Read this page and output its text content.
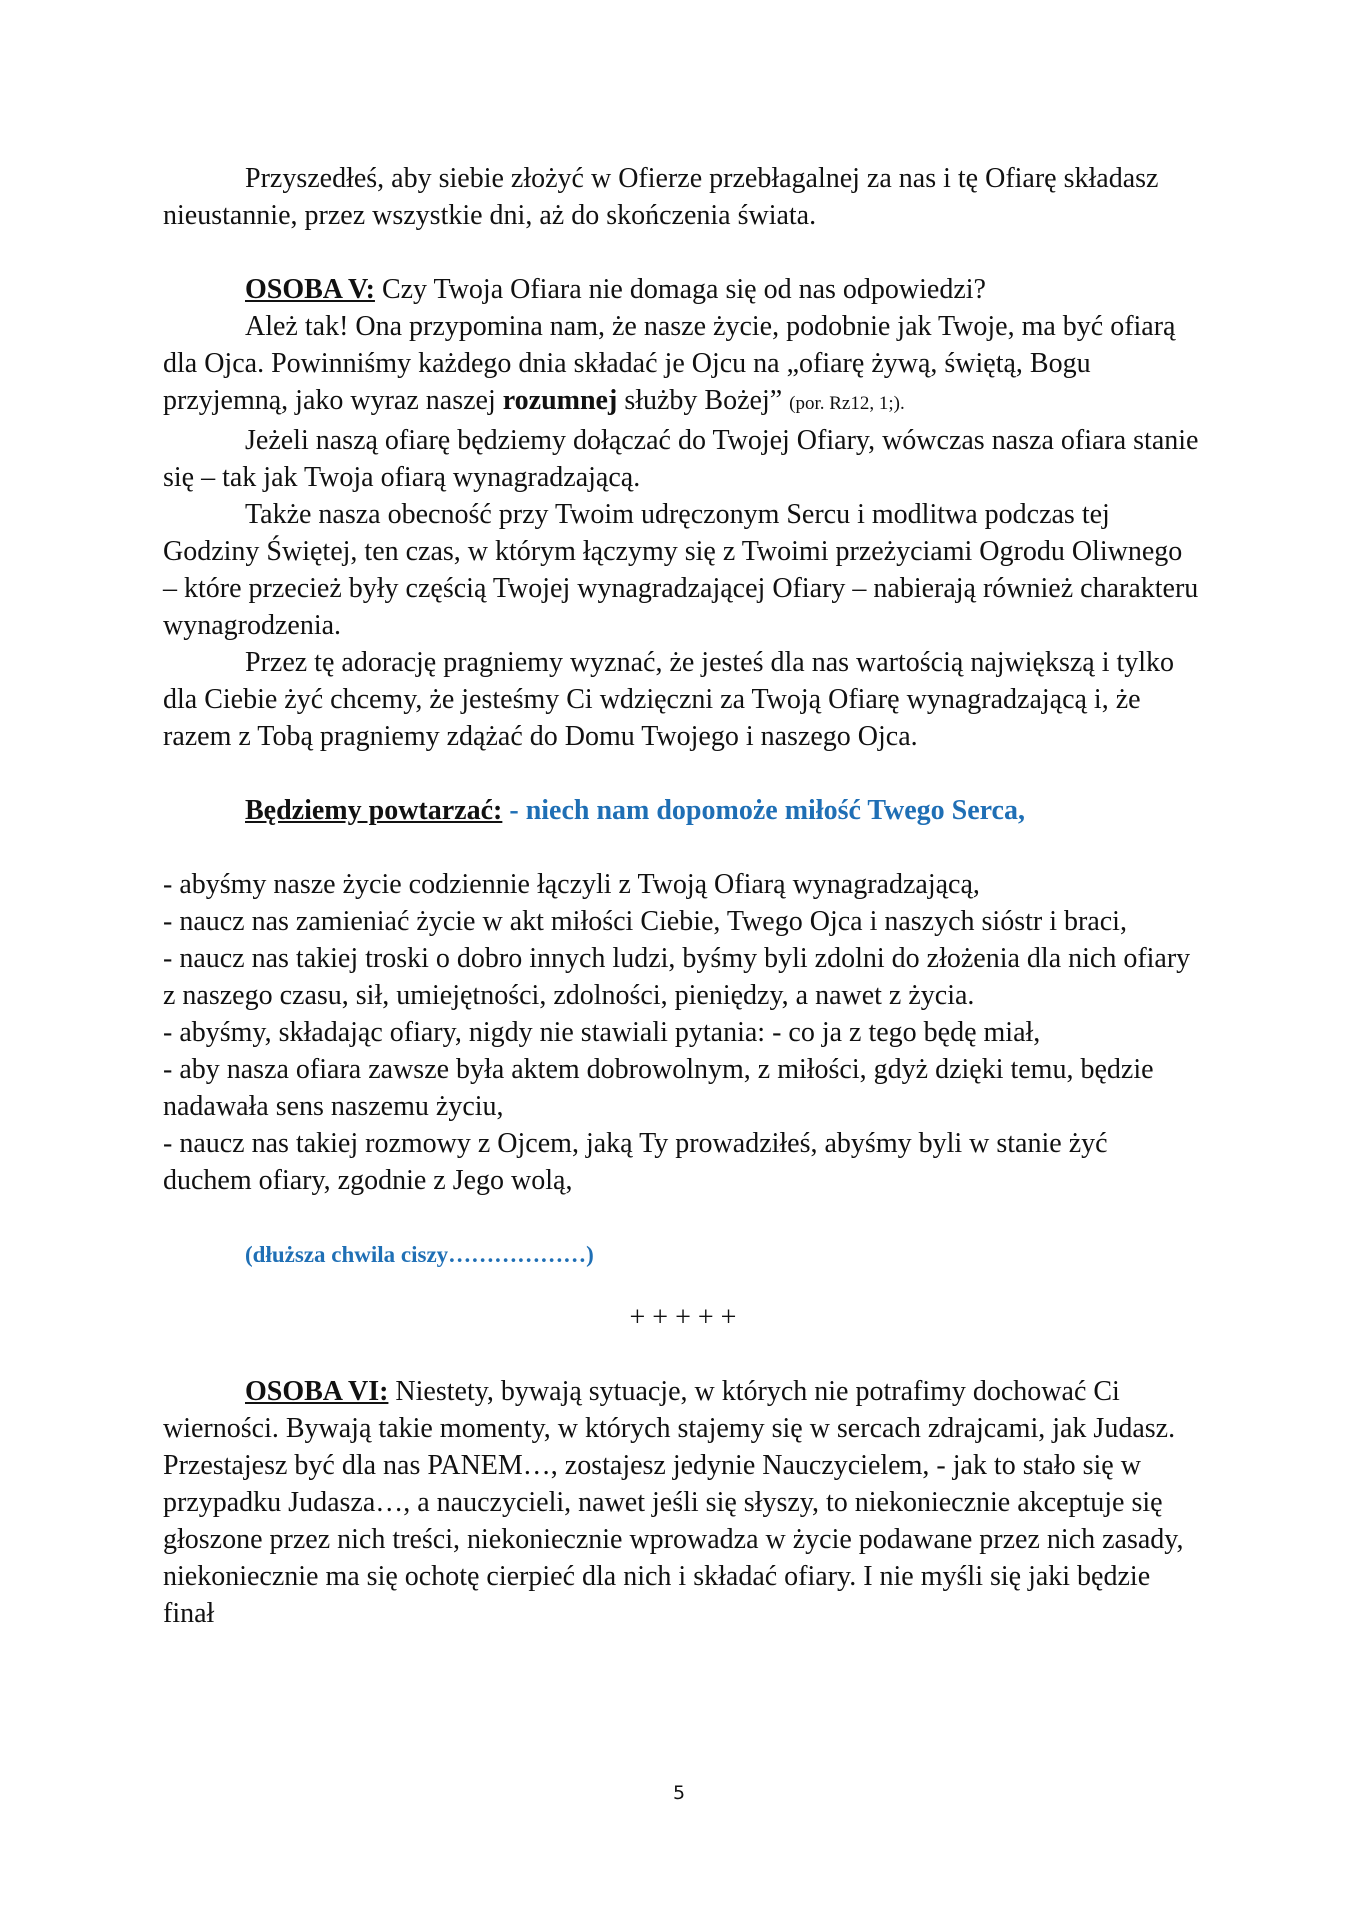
Przyszedłeś, aby siebie złożyć w Ofierze przebłagalnej za nas i tę Ofiarę składasz nieustannie, przez wszystkie dni, aż do skończenia świata.

OSOBA V: Czy Twoja Ofiara nie domaga się od nas odpowiedzi?

Ależ tak! Ona przypomina nam, że nasze życie, podobnie jak Twoje, ma być ofiarą dla Ojca. Powinniśmy każdego dnia składać je Ojcu na „ofiarę żywą, świętą, Bogu przyjemną, jako wyraz naszej rozumnej służby Bożej” (por. Rz12, 1;).

Jeżeli naszą ofiarę będziemy dołączać do Twojej Ofiary, wówczas nasza ofiara stanie się – tak jak Twoja ofiarą wynagradzającą.

Także nasza obecność przy Twoim udręczonym Sercu i modlitwa podczas tej Godziny Świętej, ten czas, w którym łączymy się z Twoimi przeżyciami Ogrodu Oliwnego – które przecież były częścią Twojej wynagradzającej Ofiary – nabierają również charakteru wynagrodzenia.

Przez tę adorację pragniemy wyznać, że jesteś dla nas wartością największą i tylko dla Ciebie żyć chcemy, że jesteśmy Ci wdzięczni za Twoją Ofiarę wynagradzającą i, że razem z Tobą pragniemy zdążać do Domu Twojego i naszego Ojca.

Będziemy powtarzać: - niech nam dopomoże miłość Twego Serca,

- abyśmy nasze życie codziennie łączyli z Twoją Ofiarą wynagradzającą,

- naucz nas zamieniać życie w akt miłości Ciebie, Twego Ojca i naszych sióstr i braci,

- naucz nas takiej troski o dobro innych ludzi, byśmy byli zdolni do złożenia dla nich ofiary z naszego czasu, sił, umiejętności, zdolności, pieniędzy, a nawet z życia.

- abyśmy, składając ofiary, nigdy nie stawiali pytania: - co ja z tego będę miał,

- aby nasza ofiara zawsze była aktem dobrowolnym, z miłości, gdyż dzięki temu, będzie nadawała sens naszemu życiu,

- naucz nas takiej rozmowy z Ojcem, jaką Ty prowadziłeś, abyśmy byli w stanie żyć duchem ofiary, zgodnie z Jego wolą,

(dłuższa chwila ciszy………………)

+ + + + +

OSOBA VI: Niestety, bywają sytuacje, w których nie potrafimy dochować Ci wierności. Bywają takie momenty, w których stajemy się w sercach zdrajcami, jak Judasz. Przestajesz być dla nas PANEM…, zostajesz jedynie Nauczycielem, - jak to stało się w przypadku Judasza…, a nauczycieli, nawet jeśli się słyszy, to niekoniecznie akceptuje się głoszone przez nich treści, niekoniecznie wprowadza w życie podawane przez nich zasady, niekoniecznie ma się ochotę cierpieć dla nich i składać ofiary. I nie myśli się jaki będzie finał

5
